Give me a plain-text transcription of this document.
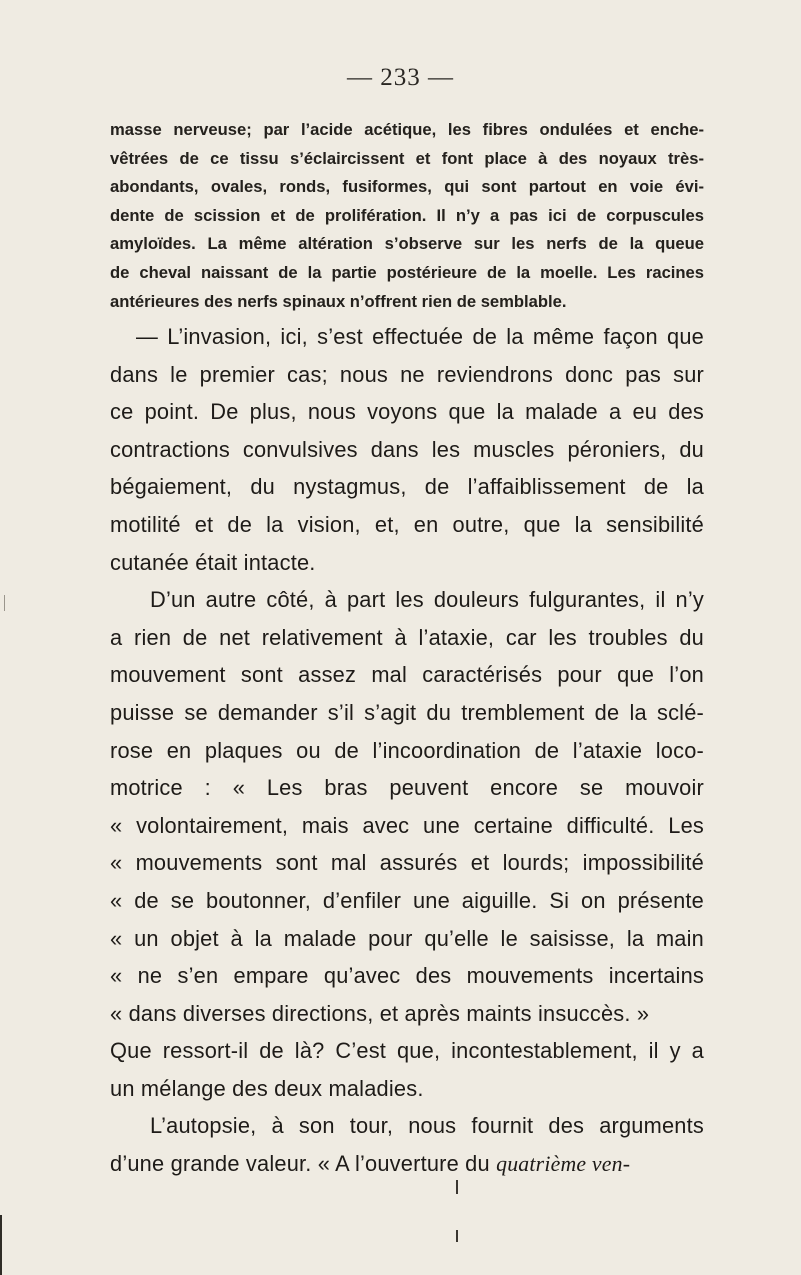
— 233 —
masse nerveuse; par l’acide acétique, les fibres ondulées et enche-
vêtrées de ce tissu s’éclaircissent et font place à des noyaux très-
abondants, ovales, ronds, fusiformes, qui sont partout en voie évi-
dente de scission et de prolifération. Il n’y a pas ici de corpuscules
amyloïdes. La même altération s’observe sur les nerfs de la queue
de cheval naissant de la partie postérieure de la moelle. Les racines
antérieures des nerfs spinaux n’offrent rien de semblable.
— L’invasion, ici, s’est effectuée de la même façon que
dans le premier cas; nous ne reviendrons donc pas sur
ce point. De plus, nous voyons que la malade a eu des
contractions convulsives dans les muscles péroniers, du
bégaiement, du nystagmus, de l’affaiblissement de la
motilité et de la vision, et, en outre, que la sensibilité
cutanée était intacte.
D’un autre côté, à part les douleurs fulgurantes, il n’y
a rien de net relativement à l’ataxie, car les troubles du
mouvement sont assez mal caractérisés pour que l’on
puisse se demander s’il s’agit du tremblement de la sclé-
rose en plaques ou de l’incoordination de l’ataxie loco-
motrice : « Les bras peuvent encore se mouvoir
« volontairement, mais avec une certaine difficulté. Les
« mouvements sont mal assurés et lourds; impossibilité
« de se boutonner, d’enfiler une aiguille. Si on présente
« un objet à la malade pour qu’elle le saisisse, la main
« ne s’en empare qu’avec des mouvements incertains
« dans diverses directions, et après maints insuccès. »
Que ressort-il de là? C’est que, incontestablement, il y a
un mélange des deux maladies.
L’autopsie, à son tour, nous fournit des arguments
d’une grande valeur. « A l’ouverture du quatrième ven-
